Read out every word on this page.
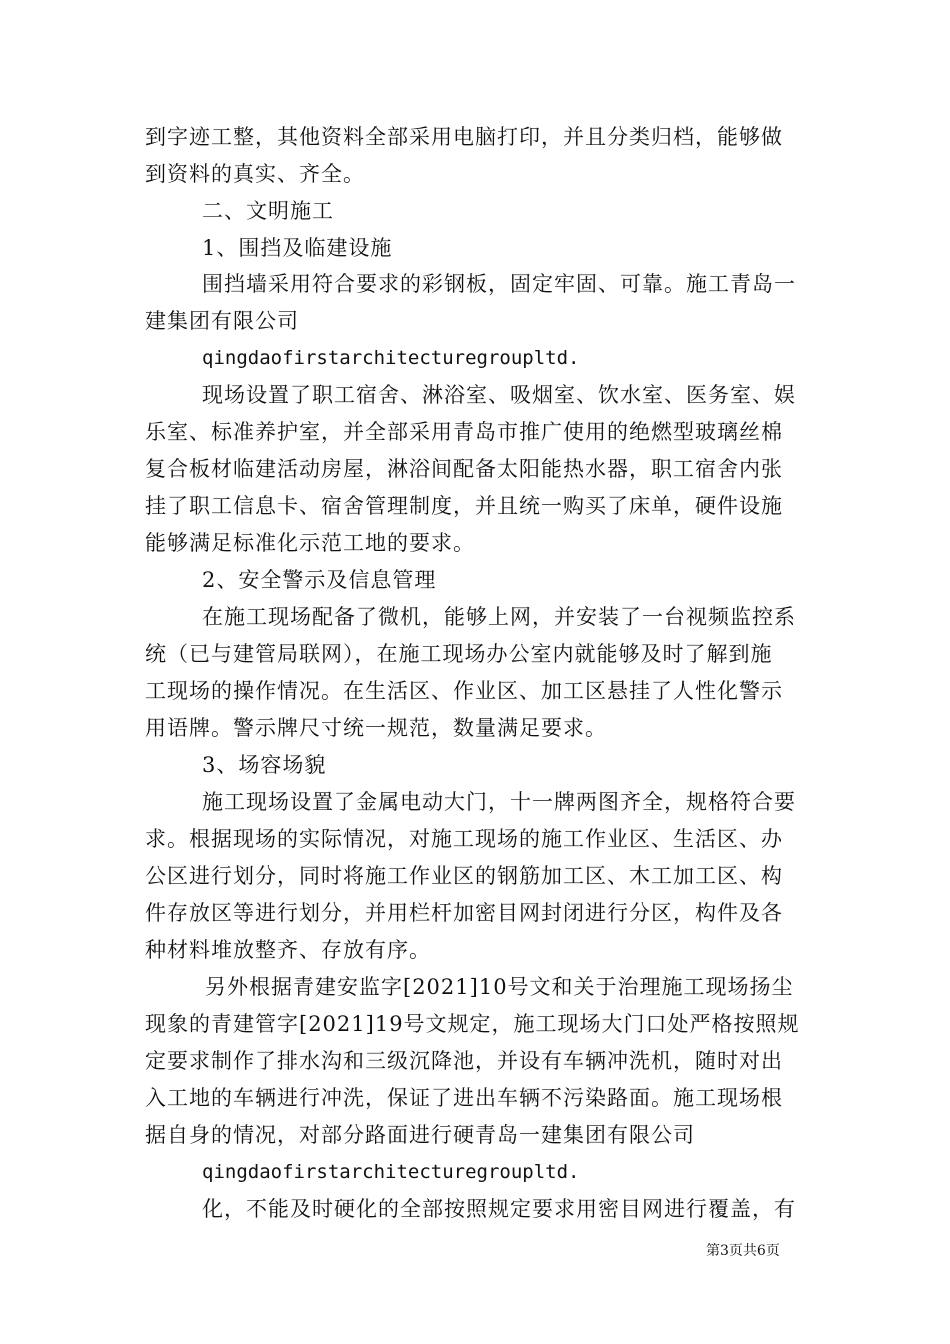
到字迹工整，其他资料全部采用电脑打印，并且分类归档，能够做
到资料的真实、齐全。
二、文明施工
1、围挡及临建设施
围挡墙采用符合要求的彩钢板，固定牢固、可靠。施工青岛一
建集团有限公司
qingdaofirstarchitecturegroupltd.
现场设置了职工宿舍、淋浴室、吸烟室、饮水室、医务室、娱
乐室、标准养护室，并全部采用青岛市推广使用的绝燃型玻璃丝棉
复合板材临建活动房屋，淋浴间配备太阳能热水器，职工宿舍内张
挂了职工信息卡、宿舍管理制度，并且统一购买了床单，硬件设施
能够满足标准化示范工地的要求。
2、安全警示及信息管理
在施工现场配备了微机，能够上网，并安装了一台视频监控系
统（已与建管局联网），在施工现场办公室内就能够及时了解到施
工现场的操作情况。在生活区、作业区、加工区悬挂了人性化警示
用语牌。警示牌尺寸统一规范，数量满足要求。
3、场容场貌
施工现场设置了金属电动大门，十一牌两图齐全，规格符合要
求。根据现场的实际情况，对施工现场的施工作业区、生活区、办
公区进行划分，同时将施工作业区的钢筋加工区、木工加工区、构
件存放区等进行划分，并用栏杆加密目网封闭进行分区，构件及各
种材料堆放整齐、存放有序。
另外根据青建安监字[2021]10号文和关于治理施工现场扬尘
现象的青建管字[2021]19号文规定，施工现场大门口处严格按照规
定要求制作了排水沟和三级沉降池，并设有车辆冲洗机，随时对出
入工地的车辆进行冲洗，保证了进出车辆不污染路面。施工现场根
据自身的情况，对部分路面进行硬青岛一建集团有限公司
qingdaofirstarchitecturegroupltd.
化，不能及时硬化的全部按照规定要求用密目网进行覆盖，有
第3页共6页
